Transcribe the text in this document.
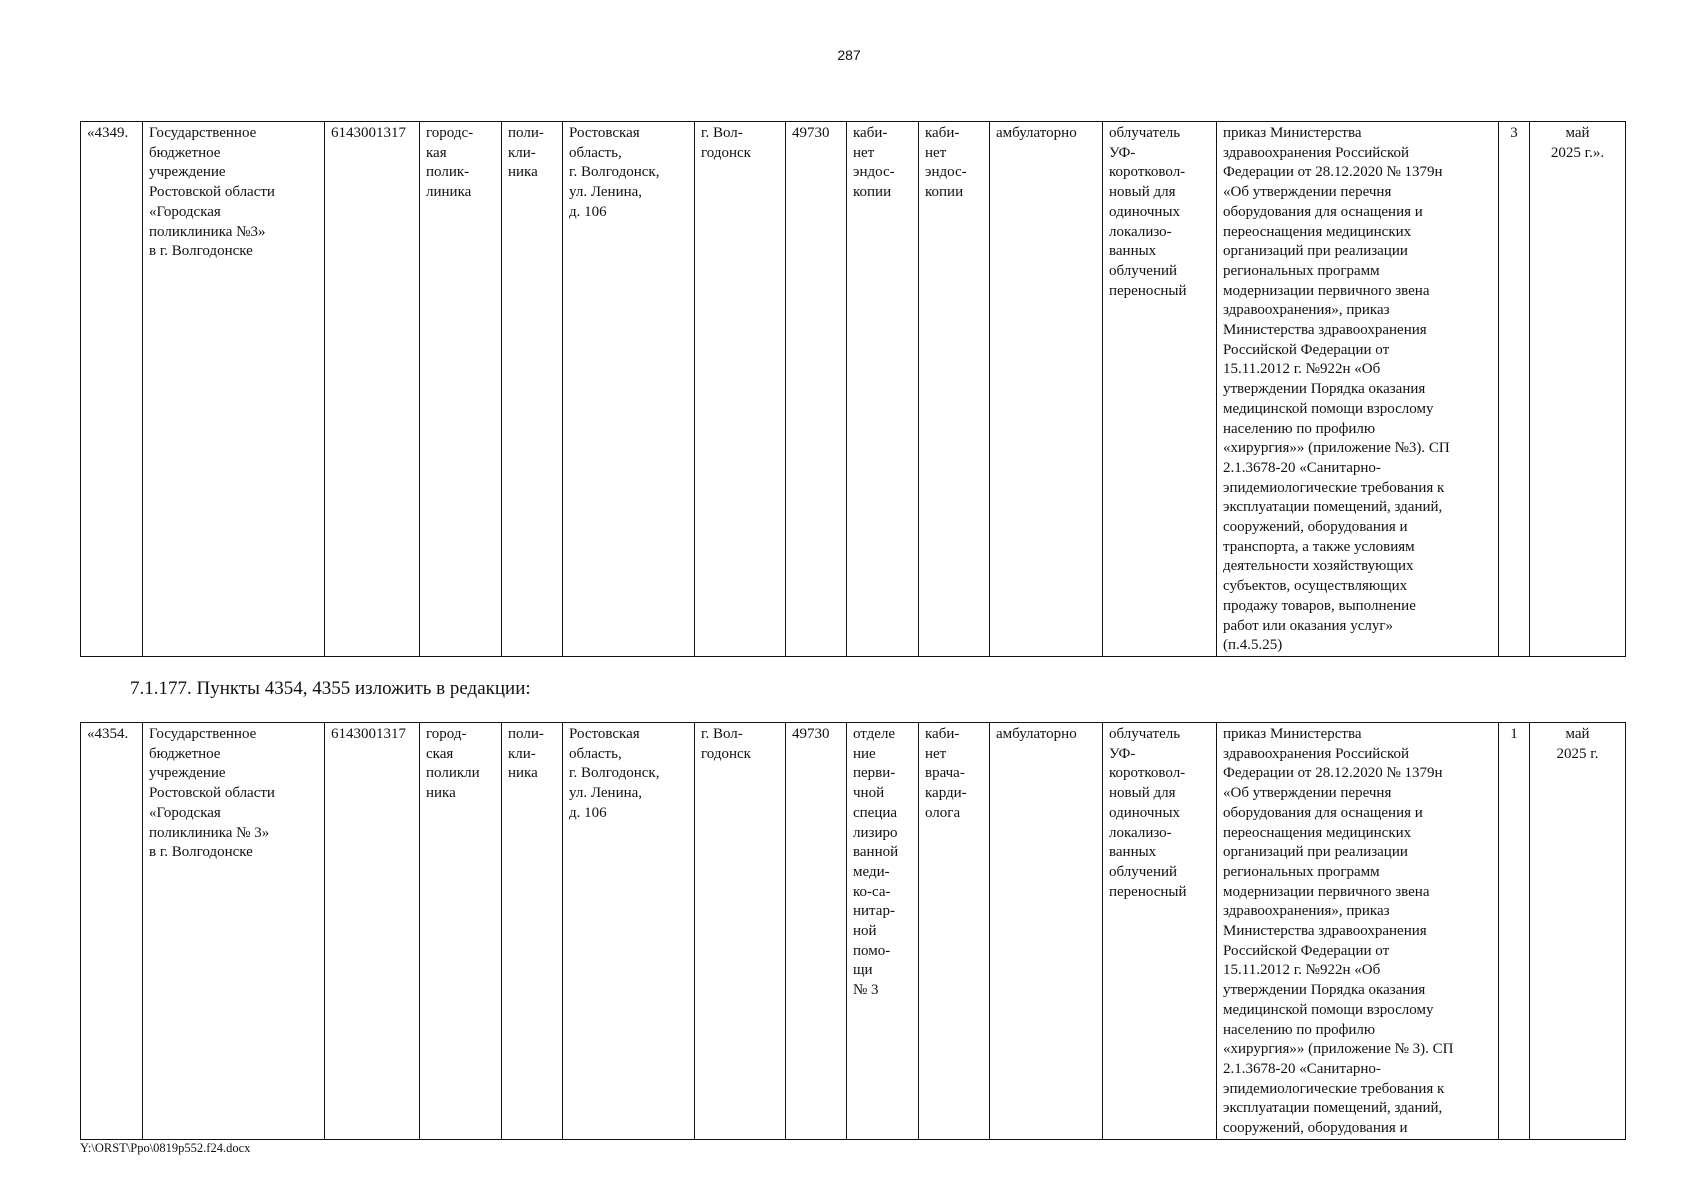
287
«4349.	Государственное
бюджетное
учреждение
Ростовской области
«Городская
поликлиника №3»
в г. Волгодонске	6143001317	городс-
кая
полик-
линика	поли-
кли-
ника	Ростовская
область,
г. Волгодонск,
ул. Ленина,
д. 106	г. Вол-
годонск	49730	каби-
нет
эндос-
копии	каби-
нет
эндос-
копии	амбулаторно	облучатель
УФ-
коротковол-
новый для
одиночных
локализо-
ванных
облучений
переносный	приказ Министерства
здравоохранения Российской
Федерации от 28.12.2020 № 1379н
«Об утверждении перечня
оборудования для оснащения и
переоснащения медицинских
организаций при реализации
региональных программ
модернизации первичного звена
здравоохранения», приказ
Министерства здравоохранения
Российской Федерации от
15.11.2012 г. №922н «Об
утверждении Порядка оказания
медицинской помощи взрослому
населению по профилю
«хирургия»» (приложение №3). СП
2.1.3678-20 «Санитарно-
эпидемиологические требования к
эксплуатации помещений, зданий,
сооружений, оборудования и
транспорта, а также условиям
деятельности хозяйствующих
субъектов, осуществляющих
продажу товаров, выполнение
работ или оказания услуг»
(п.4.5.25)	3	май
2025 г.».
7.1.177. Пункты 4354, 4355 изложить в редакции:
«4354.	Государственное
бюджетное
учреждение
Ростовской области
«Городская
поликлиника № 3»
в г. Волгодонске	6143001317	город-
ская
поликли
ника	поли-
кли-
ника	Ростовская
область,
г. Волгодонск,
ул. Ленина,
д. 106	г. Вол-
годонск	49730	отделе
ние
перви-
чной
специа
лизиро
ванной
меди-
ко-са-
нитар-
ной
помо-
щи
№ 3	каби-
нет
врача-
карди-
олога	амбулаторно	облучатель
УФ-
коротковол-
новый для
одиночных
локализо-
ванных
облучений
переносный	приказ Министерства
здравоохранения Российской
Федерации от 28.12.2020 № 1379н
«Об утверждении перечня
оборудования для оснащения и
переоснащения медицинских
организаций при реализации
региональных программ
модернизации первичного звена
здравоохранения», приказ
Министерства здравоохранения
Российской Федерации от
15.11.2012 г. №922н «Об
утверждении Порядка оказания
медицинской помощи взрослому
населению по профилю
«хирургия»» (приложение № 3). СП
2.1.3678-20 «Санитарно-
эпидемиологические требования к
эксплуатации помещений, зданий,
сооружений, оборудования и	1	май
2025 г.
Y:\ORST\Ppo\0819p552.f24.docx
